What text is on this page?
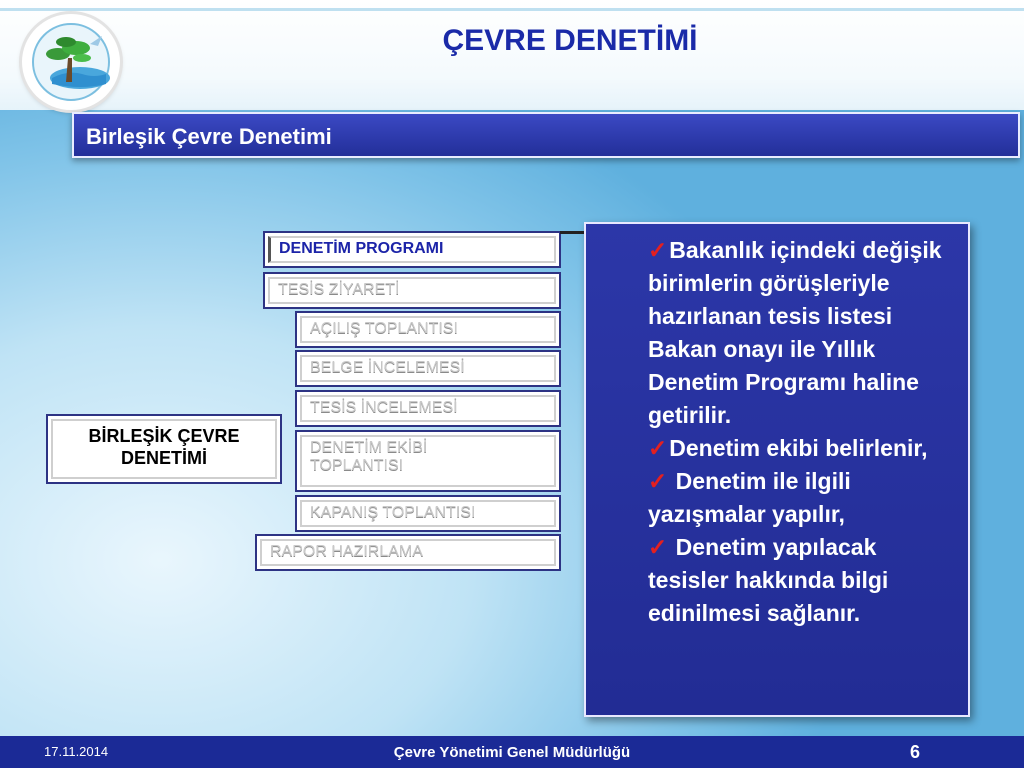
ÇEVRE DENETİMİ
Birleşik Çevre Denetimi
BİRLEŞİK ÇEVRE DENETİMİ
DENETİM PROGRAMI
TESİS ZİYARETİ
AÇILIŞ TOPLANTISI
BELGE İNCELEMESİ
TESİS İNCELEMESİ
DENETİM EKİBİ TOPLANTISI
KAPANIŞ TOPLANTISI
RAPOR HAZIRLAMA
✓Bakanlık içindeki değişik birimlerin görüşleriyle hazırlanan tesis listesi Bakan onayı ile Yıllık Denetim Programı haline getirilir.
✓Denetim ekibi belirlenir,
✓ Denetim ile ilgili yazışmalar yapılır,
✓ Denetim yapılacak tesisler hakkında bilgi edinilmesi sağlanır.
17.11.2014	Çevre Yönetimi Genel Müdürlüğü	6
